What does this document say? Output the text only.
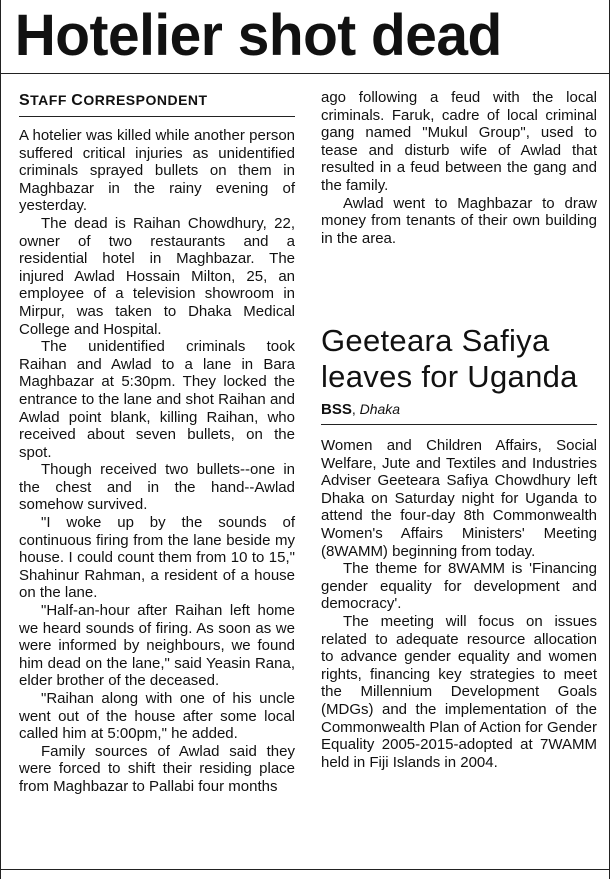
Hotelier shot dead
STAFF CORRESPONDENT

A hotelier was killed while another person suffered critical injuries as unidentified criminals sprayed bullets on them in Maghbazar in the rainy evening of yesterday.

The dead is Raihan Chowdhury, 22, owner of two restaurants and a residential hotel in Maghbazar. The injured Awlad Hossain Milton, 25, an employee of a television showroom in Mirpur, was taken to Dhaka Medical College and Hospital.

The unidentified criminals took Raihan and Awlad to a lane in Bara Maghbazar at 5:30pm. They locked the entrance to the lane and shot Raihan and Awlad point blank, killing Raihan, who received about seven bullets, on the spot.

Though received two bullets--one in the chest and in the hand--Awlad somehow survived.

"I woke up by the sounds of continuous firing from the lane beside my house. I could count them from 10 to 15," Shahinur Rahman, a resident of a house on the lane.

"Half-an-hour after Raihan left home we heard sounds of firing. As soon as we were informed by neighbours, we found him dead on the lane," said Yeasin Rana, elder brother of the deceased.

"Raihan along with one of his uncle went out of the house after some local called him at 5:00pm," he added.

Family sources of Awlad said they were forced to shift their residing place from Maghbazar to Pallabi four months

ago following a feud with the local criminals. Faruk, cadre of local criminal gang named "Mukul Group", used to tease and disturb wife of Awlad that resulted in a feud between the gang and the family.

Awlad went to Maghbazar to draw money from tenants of their own building in the area.

Geeteara Safiya leaves for Uganda
BSS, Dhaka

Women and Children Affairs, Social Welfare, Jute and Textiles and Industries Adviser Geeteara Safiya Chowdhury left Dhaka on Saturday night for Uganda to attend the four-day 8th Commonwealth Women's Affairs Ministers' Meeting (8WAMM) beginning from today.

The theme for 8WAMM is 'Financing gender equality for development and democracy'.

The meeting will focus on issues related to adequate resource allocation to advance gender equality and women rights, financing key strategies to meet the Millennium Development Goals (MDGs) and the implementation of the Commonwealth Plan of Action for Gender Equality 2005-2015-adopted at 7WAMM held in Fiji Islands in 2004.
